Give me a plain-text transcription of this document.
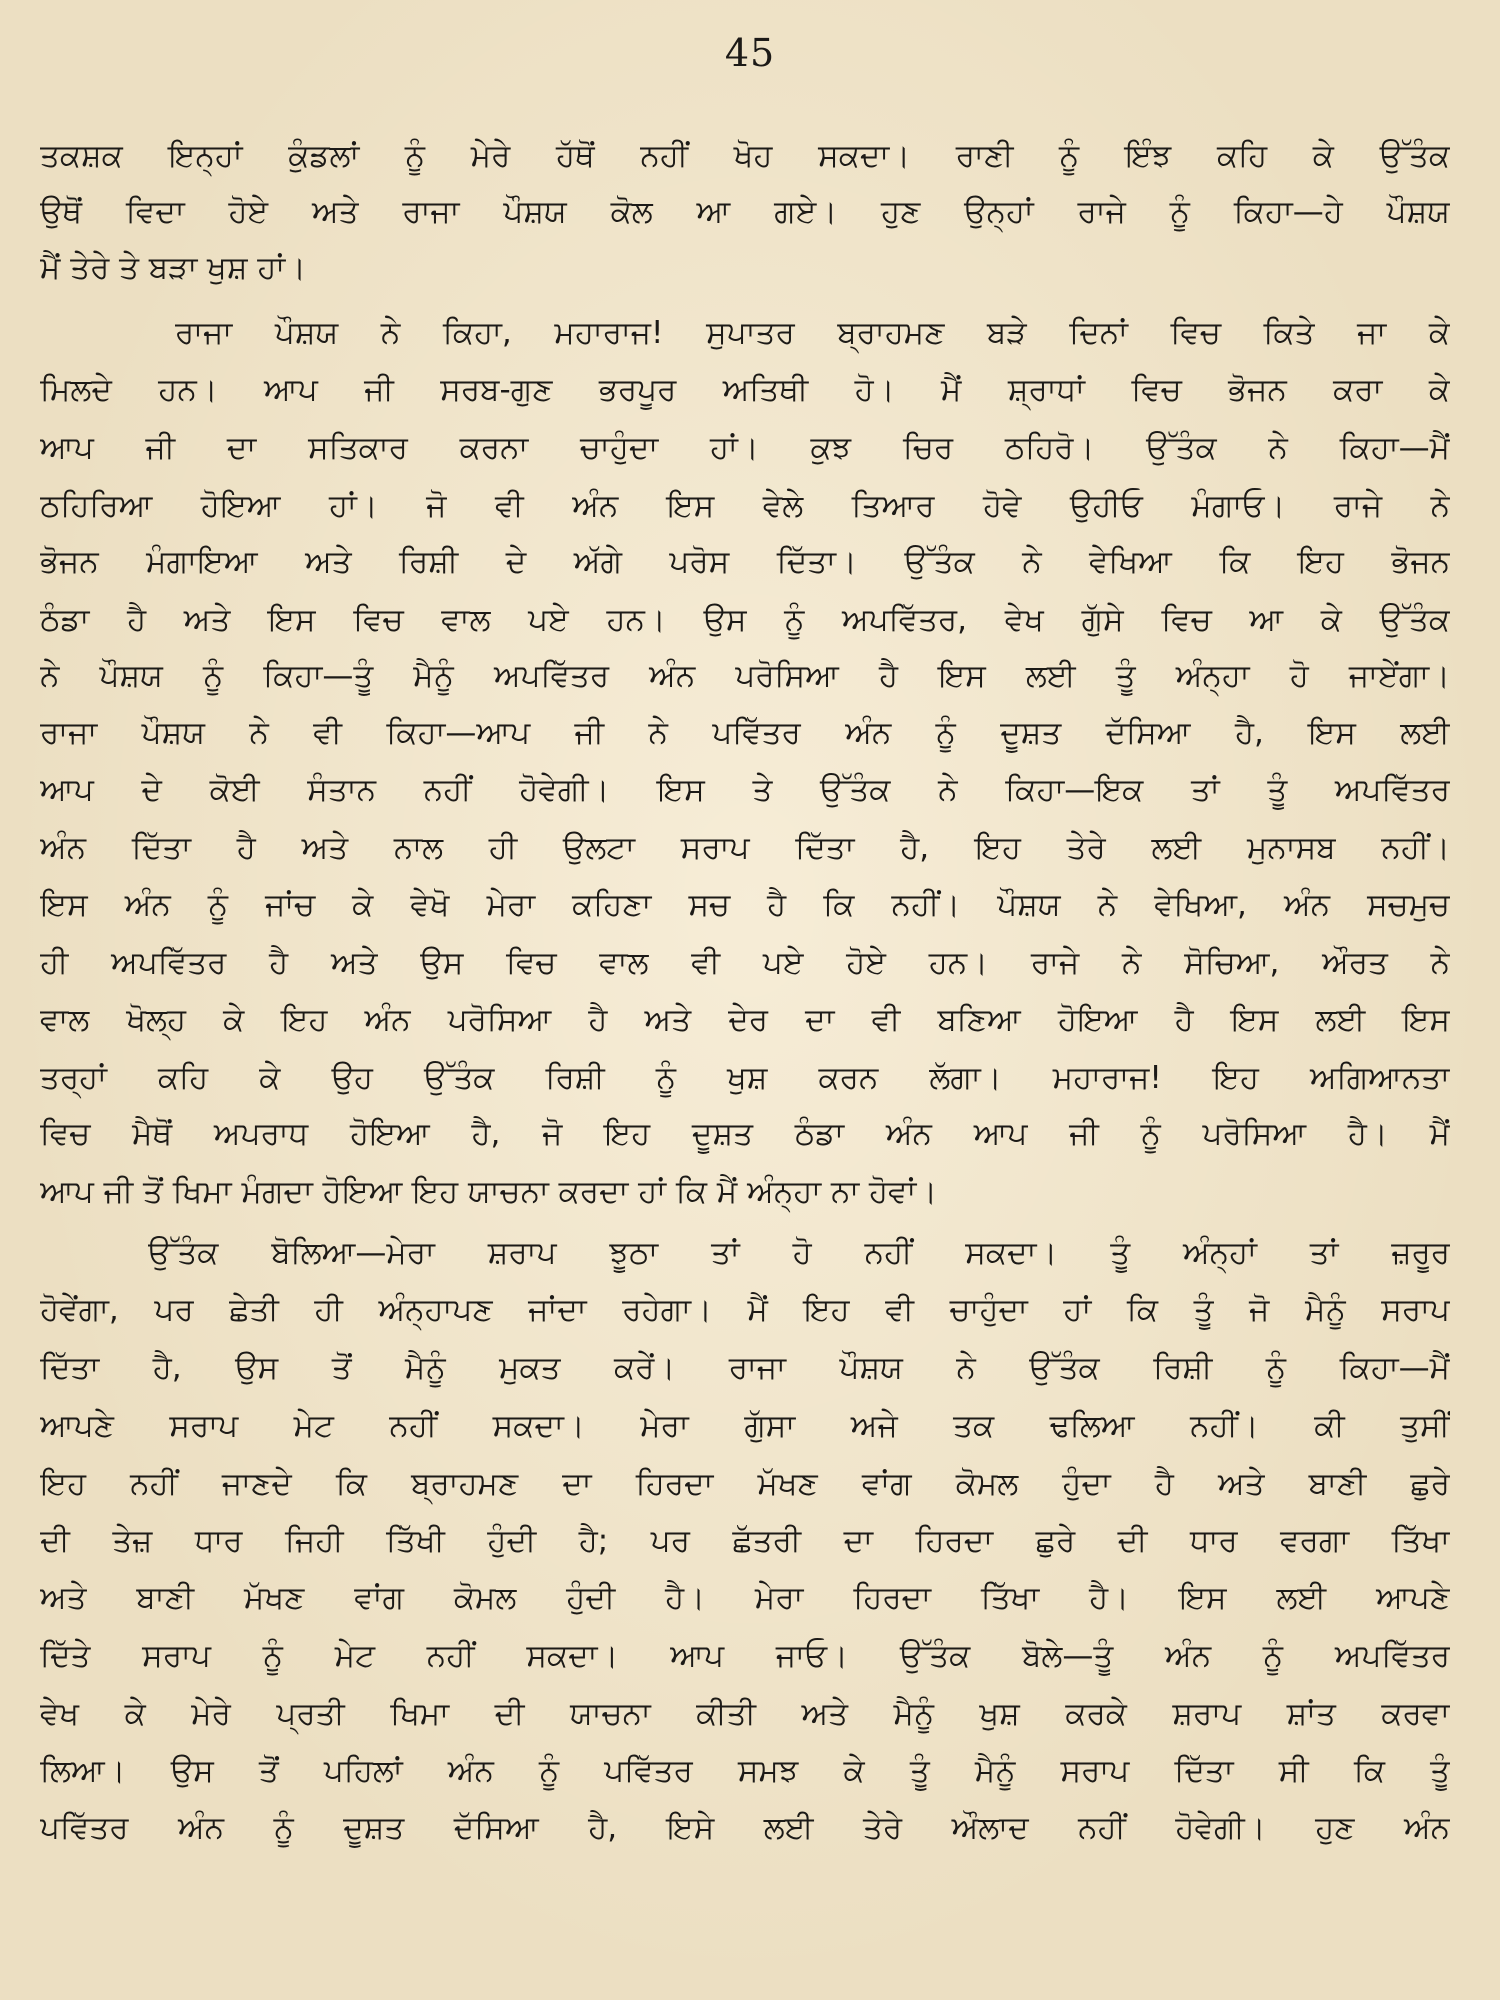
45
ਤਕਸ਼ਕ ਇਨ੍ਹਾਂ ਕੁੰਡਲਾਂ ਨੂੰ ਮੇਰੇ ਹੱਥੋਂ ਨਹੀਂ ਖੋਹ ਸਕਦਾ। ਰਾਣੀ ਨੂੰ ਇੰਝ ਕਹਿ ਕੇ ਉੱਤੰਕ
ਉਥੋਂ ਵਿਦਾ ਹੋਏ ਅਤੇ ਰਾਜਾ ਪੌਸ਼ਯ ਕੋਲ ਆ ਗਏ। ਹੁਣ ਉਨ੍ਹਾਂ ਰਾਜੇ ਨੂੰ ਕਿਹਾ—ਹੇ ਪੌਸ਼ਯ
ਮੈਂ ਤੇਰੇ ਤੇ ਬੜਾ ਖੁਸ਼ ਹਾਂ।
ਰਾਜਾ ਪੌਸ਼ਯ ਨੇ ਕਿਹਾ, ਮਹਾਰਾਜ! ਸੁਪਾਤਰ ਬ੍ਰਾਹਮਣ ਬੜੇ ਦਿਨਾਂ ਵਿਚ ਕਿਤੇ ਜਾ ਕੇ
ਮਿਲਦੇ ਹਨ। ਆਪ ਜੀ ਸਰਬ-ਗੁਣ ਭਰਪੂਰ ਅਤਿਥੀ ਹੋ। ਮੈਂ ਸ਼੍ਰਾਧਾਂ ਵਿਚ ਭੋਜਨ ਕਰਾ ਕੇ
ਆਪ ਜੀ ਦਾ ਸਤਿਕਾਰ ਕਰਨਾ ਚਾਹੁੰਦਾ ਹਾਂ। ਕੁਝ ਚਿਰ ਠਹਿਰੋ। ਉੱਤੰਕ ਨੇ ਕਿਹਾ—ਮੈਂ
ਠਹਿਰਿਆ ਹੋਇਆ ਹਾਂ। ਜੋ ਵੀ ਅੰਨ ਇਸ ਵੇਲੇ ਤਿਆਰ ਹੋਵੇ ਉਹੀਓ ਮੰਗਾਓ। ਰਾਜੇ ਨੇ
ਭੋਜਨ ਮੰਗਾਇਆ ਅਤੇ ਰਿਸ਼ੀ ਦੇ ਅੱਗੇ ਪਰੋਸ ਦਿੱਤਾ। ਉੱਤੰਕ ਨੇ ਵੇਖਿਆ ਕਿ ਇਹ ਭੋਜਨ
ਠੰਡਾ ਹੈ ਅਤੇ ਇਸ ਵਿਚ ਵਾਲ ਪਏ ਹਨ। ਉਸ ਨੂੰ ਅਪਵਿੱਤਰ, ਵੇਖ ਗੁੱਸੇ ਵਿਚ ਆ ਕੇ ਉੱਤੰਕ
ਨੇ ਪੌਸ਼ਯ ਨੂੰ ਕਿਹਾ—ਤੂੰ ਮੈਨੂੰ ਅਪਵਿੱਤਰ ਅੰਨ ਪਰੋਸਿਆ ਹੈ ਇਸ ਲਈ ਤੂੰ ਅੰਨ੍ਹਾ ਹੋ ਜਾਏਂਗਾ।
ਰਾਜਾ ਪੌਸ਼ਯ ਨੇ ਵੀ ਕਿਹਾ—ਆਪ ਜੀ ਨੇ ਪਵਿੱਤਰ ਅੰਨ ਨੂੰ ਦੂਸ਼ਤ ਦੱਸਿਆ ਹੈ, ਇਸ ਲਈ
ਆਪ ਦੇ ਕੋਈ ਸੰਤਾਨ ਨਹੀਂ ਹੋਵੇਗੀ। ਇਸ ਤੇ ਉੱਤੰਕ ਨੇ ਕਿਹਾ—ਇਕ ਤਾਂ ਤੂੰ ਅਪਵਿੱਤਰ
ਅੰਨ ਦਿੱਤਾ ਹੈ ਅਤੇ ਨਾਲ ਹੀ ਉਲਟਾ ਸਰਾਪ ਦਿੱਤਾ ਹੈ, ਇਹ ਤੇਰੇ ਲਈ ਮੁਨਾਸਬ ਨਹੀਂ।
ਇਸ ਅੰਨ ਨੂੰ ਜਾਂਚ ਕੇ ਵੇਖੋ ਮੇਰਾ ਕਹਿਣਾ ਸਚ ਹੈ ਕਿ ਨਹੀਂ। ਪੌਸ਼ਯ ਨੇ ਵੇਖਿਆ, ਅੰਨ ਸਚਮੁਚ
ਹੀ ਅਪਵਿੱਤਰ ਹੈ ਅਤੇ ਉਸ ਵਿਚ ਵਾਲ ਵੀ ਪਏ ਹੋਏ ਹਨ। ਰਾਜੇ ਨੇ ਸੋਚਿਆ, ਔਰਤ ਨੇ
ਵਾਲ ਖੋਲ੍ਹ ਕੇ ਇਹ ਅੰਨ ਪਰੋਸਿਆ ਹੈ ਅਤੇ ਦੇਰ ਦਾ ਵੀ ਬਣਿਆ ਹੋਇਆ ਹੈ ਇਸ ਲਈ ਇਸ
ਤਰ੍ਹਾਂ ਕਹਿ ਕੇ ਉਹ ਉੱਤੰਕ ਰਿਸ਼ੀ ਨੂੰ ਖੁਸ਼ ਕਰਨ ਲੱਗਾ। ਮਹਾਰਾਜ! ਇਹ ਅਗਿਆਨਤਾ
ਵਿਚ ਮੈਥੋਂ ਅਪਰਾਧ ਹੋਇਆ ਹੈ, ਜੋ ਇਹ ਦੂਸ਼ਤ ਠੰਡਾ ਅੰਨ ਆਪ ਜੀ ਨੂੰ ਪਰੋਸਿਆ ਹੈ। ਮੈਂ
ਆਪ ਜੀ ਤੋਂ ਖਿਮਾ ਮੰਗਦਾ ਹੋਇਆ ਇਹ ਯਾਚਨਾ ਕਰਦਾ ਹਾਂ ਕਿ ਮੈਂ ਅੰਨ੍ਹਾ ਨਾ ਹੋਵਾਂ।
ਉੱਤੰਕ ਬੋਲਿਆ—ਮੇਰਾ ਸ਼ਰਾਪ ਝੂਠਾ ਤਾਂ ਹੋ ਨਹੀਂ ਸਕਦਾ। ਤੂੰ ਅੰਨ੍ਹਾਂ ਤਾਂ ਜ਼ਰੂਰ
ਹੋਵੇਂਗਾ, ਪਰ ਛੇਤੀ ਹੀ ਅੰਨ੍ਹਾਪਣ ਜਾਂਦਾ ਰਹੇਗਾ। ਮੈਂ ਇਹ ਵੀ ਚਾਹੁੰਦਾ ਹਾਂ ਕਿ ਤੂੰ ਜੋ ਮੈਨੂੰ ਸਰਾਪ
ਦਿੱਤਾ ਹੈ, ਉਸ ਤੋਂ ਮੈਨੂੰ ਮੁਕਤ ਕਰੇਂ। ਰਾਜਾ ਪੌਸ਼ਯ ਨੇ ਉੱਤੰਕ ਰਿਸ਼ੀ ਨੂੰ ਕਿਹਾ—ਮੈਂ
ਆਪਣੇ ਸਰਾਪ ਮੇਟ ਨਹੀਂ ਸਕਦਾ। ਮੇਰਾ ਗੁੱਸਾ ਅਜੇ ਤਕ ਢਲਿਆ ਨਹੀਂ। ਕੀ ਤੁਸੀਂ
ਇਹ ਨਹੀਂ ਜਾਣਦੇ ਕਿ ਬ੍ਰਾਹਮਣ ਦਾ ਹਿਰਦਾ ਮੱਖਣ ਵਾਂਗ ਕੋਮਲ ਹੁੰਦਾ ਹੈ ਅਤੇ ਬਾਣੀ ਛੁਰੇ
ਦੀ ਤੇਜ਼ ਧਾਰ ਜਿਹੀ ਤਿੱਖੀ ਹੁੰਦੀ ਹੈ; ਪਰ ਛੱਤਰੀ ਦਾ ਹਿਰਦਾ ਛੁਰੇ ਦੀ ਧਾਰ ਵਰਗਾ ਤਿੱਖਾ
ਅਤੇ ਬਾਣੀ ਮੱਖਣ ਵਾਂਗ ਕੋਮਲ ਹੁੰਦੀ ਹੈ। ਮੇਰਾ ਹਿਰਦਾ ਤਿੱਖਾ ਹੈ। ਇਸ ਲਈ ਆਪਣੇ
ਦਿੱਤੇ ਸਰਾਪ ਨੂੰ ਮੇਟ ਨਹੀਂ ਸਕਦਾ। ਆਪ ਜਾਓ। ਉੱਤੰਕ ਬੋਲੇ—ਤੂੰ ਅੰਨ ਨੂੰ ਅਪਵਿੱਤਰ
ਵੇਖ ਕੇ ਮੇਰੇ ਪ੍ਰਤੀ ਖਿਮਾ ਦੀ ਯਾਚਨਾ ਕੀਤੀ ਅਤੇ ਮੈਨੂੰ ਖੁਸ਼ ਕਰਕੇ ਸ਼ਰਾਪ ਸ਼ਾਂਤ ਕਰਵਾ
ਲਿਆ। ਉਸ ਤੋਂ ਪਹਿਲਾਂ ਅੰਨ ਨੂੰ ਪਵਿੱਤਰ ਸਮਝ ਕੇ ਤੂੰ ਮੈਨੂੰ ਸਰਾਪ ਦਿੱਤਾ ਸੀ ਕਿ ਤੂੰ
ਪਵਿੱਤਰ ਅੰਨ ਨੂੰ ਦੂਸ਼ਤ ਦੱਸਿਆ ਹੈ, ਇਸੇ ਲਈ ਤੇਰੇ ਔਲਾਦ ਨਹੀਂ ਹੋਵੇਗੀ। ਹੁਣ ਅੰਨ
